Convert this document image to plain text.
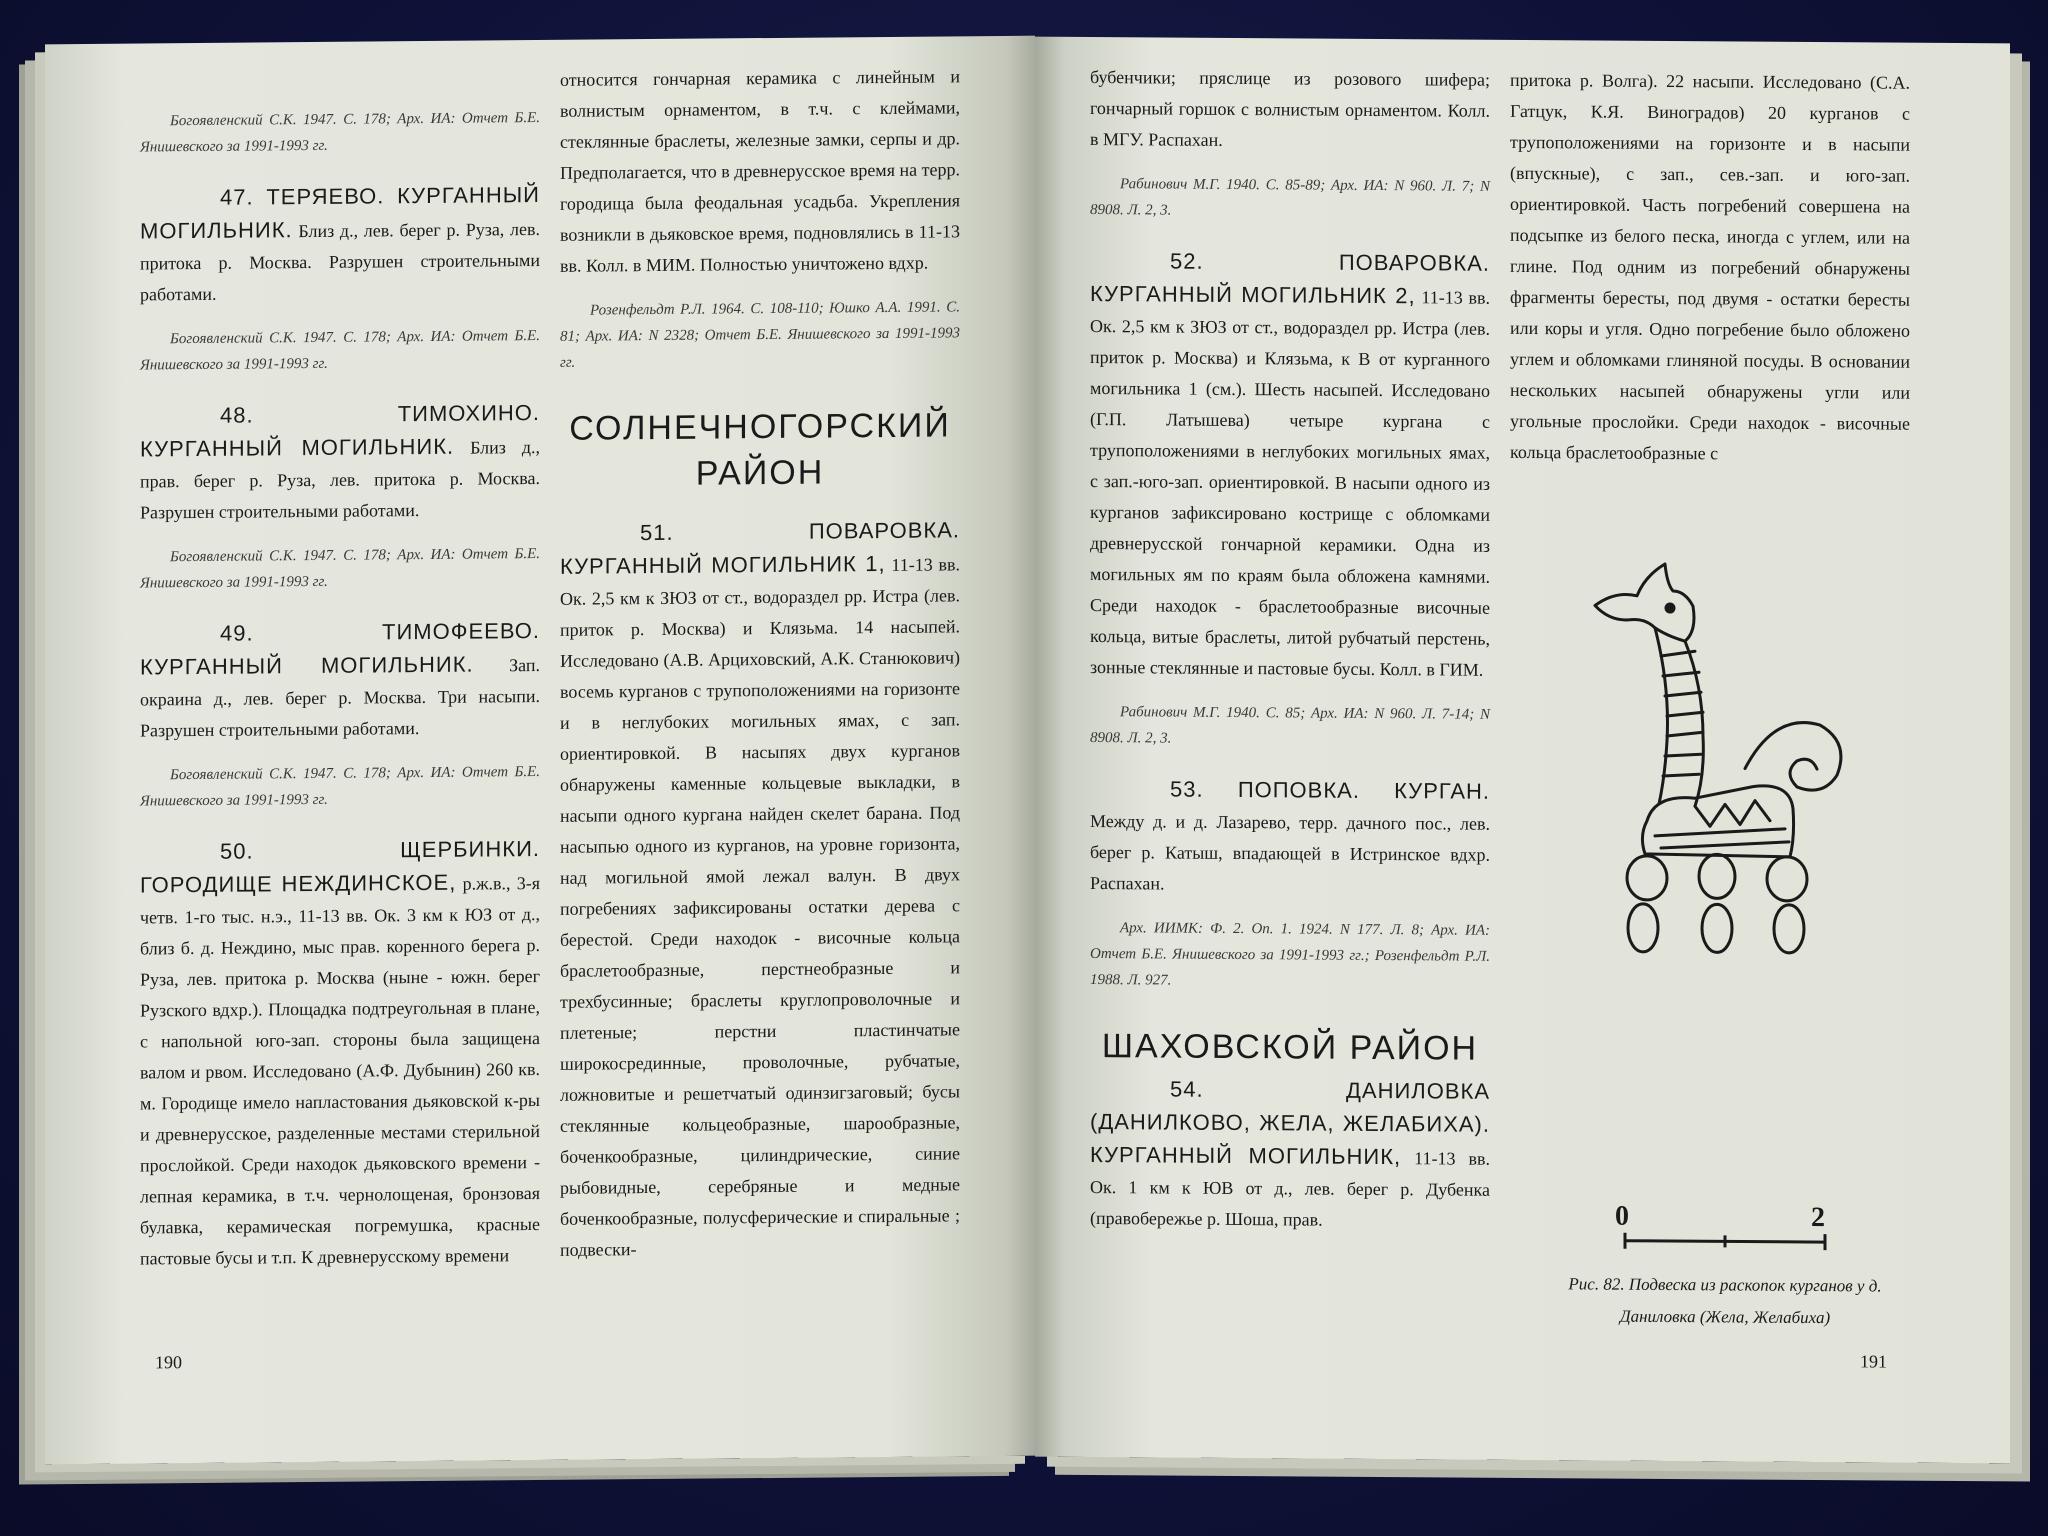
Богоявленский С.К. 1947. С. 178; Арх. ИА: Отчет Б.Е. Янишевского за 1991-1993 гг.

47. ТЕРЯЕВО. КУРГАННЫЙ МОГИЛЬНИК. Близ д., лев. берег р. Руза, лев. притока р. Москва. Разрушен строительными работами.

Богоявленский С.К. 1947. С. 178; Арх. ИА: Отчет Б.Е. Янишевского за 1991-1993 гг.

48. ТИМОХИНО. КУРГАННЫЙ МОГИЛЬНИК. Близ д., прав. берег р. Руза, лев. притока р. Москва. Разрушен строительными работами.

Богоявленский С.К. 1947. С. 178; Арх. ИА: Отчет Б.Е. Янишевского за 1991-1993 гг.

49. ТИМОФЕЕВО. КУРГАННЫЙ МОГИЛЬНИК. Зап. окраина д., лев. берег р. Москва. Три насыпи. Разрушен строительными работами.

Богоявленский С.К. 1947. С. 178; Арх. ИА: Отчет Б.Е. Янишевского за 1991-1993 гг.

50. ЩЕРБИНКИ. ГОРОДИЩЕ НЕЖДИНСКОЕ, р.ж.в., 3-я четв. 1-го тыс. н.э., 11-13 вв. Ок. 3 км к ЮЗ от д., близ б. д. Неждино, мыс прав. коренного берега р. Руза, лев. притока р. Москва (ныне - южн. берег Рузского вдхр.). Площадка подтреугольная в плане, с напольной юго-зап. стороны была защищена валом и рвом. Исследовано (А.Ф. Дубынин) 260 кв. м. Городище имело напластования дьяковской к-ры и древнерусское, разделенные местами стерильной прослойкой. Среди находок дьяковского времени - лепная керамика, в т.ч. чернолощеная, бронзовая булавка, керамическая погремушка, красные пастовые бусы и т.п. К древнерусскому времени

относится гончарная керамика с линейным и волнистым орнаментом, в т.ч. с клеймами, стеклянные браслеты, железные замки, серпы и др. Предполагается, что в древнерусское время на терр. городища была феодальная усадьба. Укрепления возникли в дьяковское время, подновлялись в 11-13 вв. Колл. в МИМ. Полностью уничтожено вдхр.

Розенфельдт Р.Л. 1964. С. 108-110; Юшко А.А. 1991. С. 81; Арх. ИА: N 2328; Отчет Б.Е. Янишевского за 1991-1993 гг.

СОЛНЕЧНОГОРСКИЙ РАЙОН

51. ПОВАРОВКА. КУРГАННЫЙ МОГИЛЬНИК 1, 11-13 вв. Ок. 2,5 км к ЗЮЗ от ст., водораздел рр. Истра (лев. приток р. Москва) и Клязьма. 14 насыпей. Исследовано (А.В. Арциховский, А.К. Станюкович) восемь курганов с трупоположениями на горизонте и в неглубоких могильных ямах, с зап. ориентировкой. В насыпях двух курганов обнаружены каменные кольцевые выкладки, в насыпи одного кургана найден скелет барана. Под насыпью одного из курганов, на уровне горизонта, над могильной ямой лежал валун. В двух погребениях зафиксированы остатки дерева с берестой. Среди находок - височные кольца браслетообразные, перстнеобразные и трехбусинные; браслеты круглопроволочные и плетеные; перстни пластинчатые широкосрединные, проволочные, рубчатые, ложновитые и решетчатый одинзигзаговый; бусы стеклянные кольцеобразные, шарообразные, боченкообразные, цилиндрические, синие рыбовидные, серебряные и медные боченкообразные, полусферические и спиральные ; подвески-

190

бубенчики; пряслице из розового шифера; гончарный горшок с волнистым орнаментом. Колл. в МГУ. Распахан.

Рабинович М.Г. 1940. С. 85-89; Арх. ИА: N 960. Л. 7; N 8908. Л. 2, 3.

52. ПОВАРОВКА. КУРГАННЫЙ МОГИЛЬНИК 2, 11-13 вв. Ок. 2,5 км к ЗЮЗ от ст., водораздел рр. Истра (лев. приток р. Москва) и Клязьма, к В от курганного могильника 1 (см.). Шесть насыпей. Исследовано (Г.П. Латышева) четыре кургана с трупоположениями в неглубоких могильных ямах, с зап.-юго-зап. ориентировкой. В насыпи одного из курганов зафиксировано кострище с обломками древнерусской гончарной керамики. Одна из могильных ям по краям была обложена камнями. Среди находок - браслетообразные височные кольца, витые браслеты, литой рубчатый перстень, зонные стеклянные и пастовые бусы. Колл. в ГИМ.

Рабинович М.Г. 1940. С. 85; Арх. ИА: N 960. Л. 7-14; N 8908. Л. 2, 3.

53. ПОПОВКА. КУРГАН. Между д. и д. Лазарево, терр. дачного пос., лев. берег р. Катыш, впадающей в Истринское вдхр. Распахан.

Арх. ИИМК: Ф. 2. Оп. 1. 1924. N 177. Л. 8; Арх. ИА: Отчет Б.Е. Янишевского за 1991-1993 гг.; Розенфельдт Р.Л. 1988. Л. 927.

ШАХОВСКОЙ РАЙОН

54. ДАНИЛОВКА (ДАНИЛКОВО, ЖЕЛА, ЖЕЛАБИХА). КУРГАННЫЙ МОГИЛЬНИК, 11-13 вв. Ок. 1 км к ЮВ от д., лев. берег р. Дубенка (правобережье р. Шоша, прав.

притока р. Волга). 22 насыпи. Исследовано (С.А. Гатцук, К.Я. Виноградов) 20 курганов с трупоположениями на горизонте и в насыпи (впускные), с зап., сев.-зап. и юго-зап. ориентировкой. Часть погребений совершена на подсыпке из белого песка, иногда с углем, или на глине. Под одним из погребений обнаружены фрагменты бересты, под двумя - остатки бересты или коры и угля. Одно погребение было обложено углем и обломками глиняной посуды. В основании нескольких насыпей обнаружены угли или угольные прослойки. Среди находок - височные кольца браслетообразные с

0	2
Рис. 82. Подвеска из раскопок курганов у д. Даниловка (Жела, Желабиха)
191
